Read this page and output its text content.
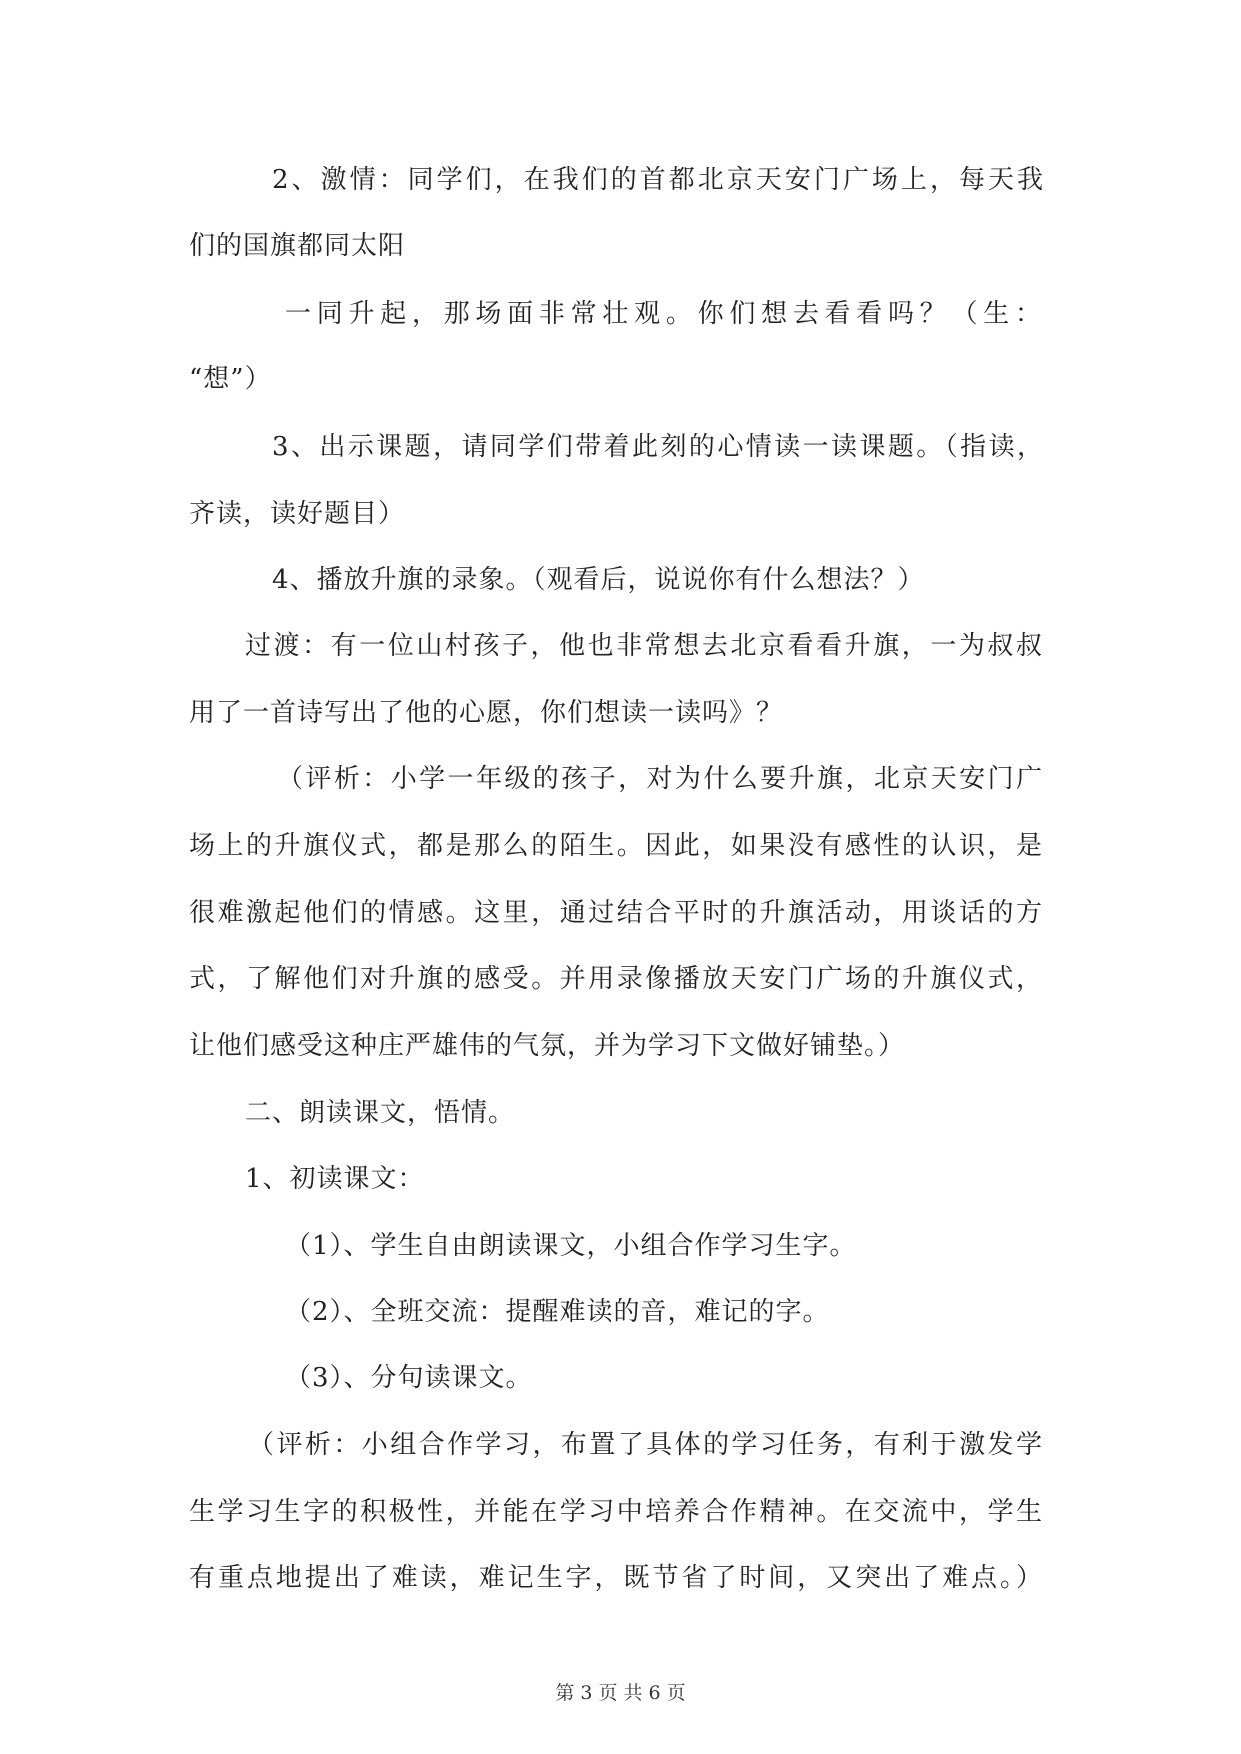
2、激情：同学们，在我们的首都北京天安门广场上，每天我
们的国旗都同太阳
一同升起，那场面非常壮观。你们想去看看吗？（生：
“想”）
3、出示课题，请同学们带着此刻的心情读一读课题。（指读，
齐读，读好题目）
4、播放升旗的录象。（观看后，说说你有什么想法？）
过渡：有一位山村孩子，他也非常想去北京看看升旗，一为叔叔
用了一首诗写出了他的心愿，你们想读一读吗》？
（评析：小学一年级的孩子，对为什么要升旗，北京天安门广
场上的升旗仪式，都是那么的陌生。因此，如果没有感性的认识，是
很难激起他们的情感。这里，通过结合平时的升旗活动，用谈话的方
式，了解他们对升旗的感受。并用录像播放天安门广场的升旗仪式，
让他们感受这种庄严雄伟的气氛，并为学习下文做好铺垫。）
二、朗读课文，悟情。
1、初读课文：
（1）、学生自由朗读课文，小组合作学习生字。
（2）、全班交流：提醒难读的音，难记的字。
（3）、分句读课文。
（评析：小组合作学习，布置了具体的学习任务，有利于激发学
生学习生字的积极性，并能在学习中培养合作精神。在交流中，学生
有重点地提出了难读，难记生字，既节省了时间，又突出了难点。）
第 3 页 共 6 页
